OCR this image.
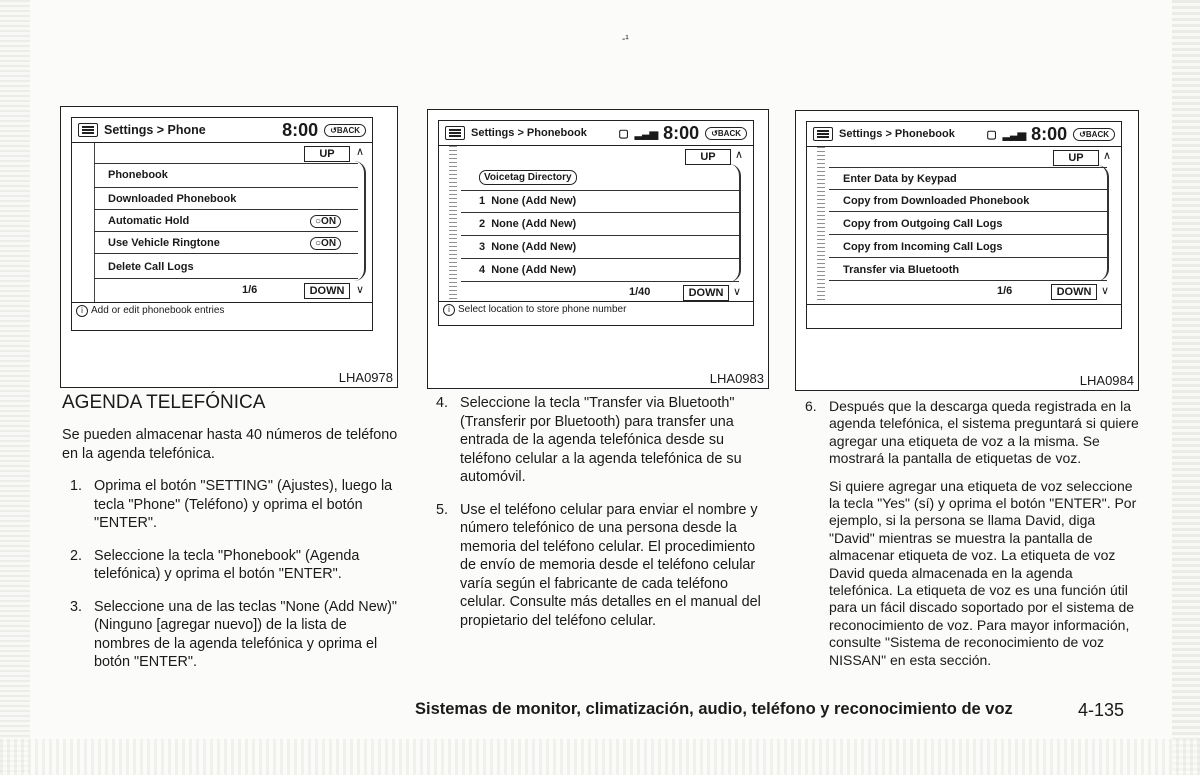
-¹
Settings > Phone	8:00	↺BACK
UP	∧
Phonebook
Downloaded Phonebook
Automatic Hold	○ON
Use Vehicle Ringtone	○ON
Delete Call Logs
1/6	DOWN	∨
i Add or edit phonebook entries
LHA0978
Settings > Phonebook	▢ ▂▃▅ 8:00	↺BACK
UP	∧
Voicetag Directory
1  None (Add New)
2  None (Add New)
3  None (Add New)
4  None (Add New)
1/40	DOWN ∨
i Select location to store phone number
LHA0983
Settings > Phonebook	▢ ▂▃▅ 8:00	↺BACK
UP	∧
Enter Data by Keypad
Copy from Downloaded Phonebook
Copy from Outgoing Call Logs
Copy from Incoming Call Logs
Transfer via Bluetooth
1/6	DOWN ∨
LHA0984
AGENDA TELEFÓNICA

Se pueden almacenar hasta 40 números de teléfono en la agenda telefónica.

1. Oprima el botón "SETTING" (Ajustes), luego la tecla "Phone" (Teléfono) y oprima el botón "ENTER".
2. Seleccione la tecla "Phonebook" (Agenda telefónica) y oprima el botón "ENTER".
3. Seleccione una de las teclas "None (Add New)" (Ninguno [agregar nuevo]) de la lista de nombres de la agenda telefónica y oprima el botón "ENTER".
4. Seleccione la tecla "Transfer via Bluetooth" (Transferir por Bluetooth) para transfer una entrada de la agenda telefónica desde su teléfono celular a la agenda telefónica de su automóvil.
5. Use el teléfono celular para enviar el nombre y número telefónico de una persona desde la memoria del teléfono celular. El procedimiento de envío de memoria desde el teléfono celular varía según el fabricante de cada teléfono celular. Consulte más detalles en el manual del propietario del teléfono celular.
6. Después que la descarga queda registrada en la agenda telefónica, el sistema preguntará si quiere agregar una etiqueta de voz a la misma. Se mostrará la pantalla de etiquetas de voz.
Si quiere agregar una etiqueta de voz seleccione la tecla "Yes" (sí) y oprima el botón "ENTER". Por ejemplo, si la persona se llama David, diga "David" mientras se muestra la pantalla de almacenar etiqueta de voz. La etiqueta de voz David queda almacenada en la agenda telefónica. La etiqueta de voz es una función útil para un fácil discado soportado por el sistema de reconocimiento de voz. Para mayor información, consulte "Sistema de reconocimiento de voz NISSAN" en esta sección.
Sistemas de monitor, climatización, audio, teléfono y reconocimiento de voz	4-135
